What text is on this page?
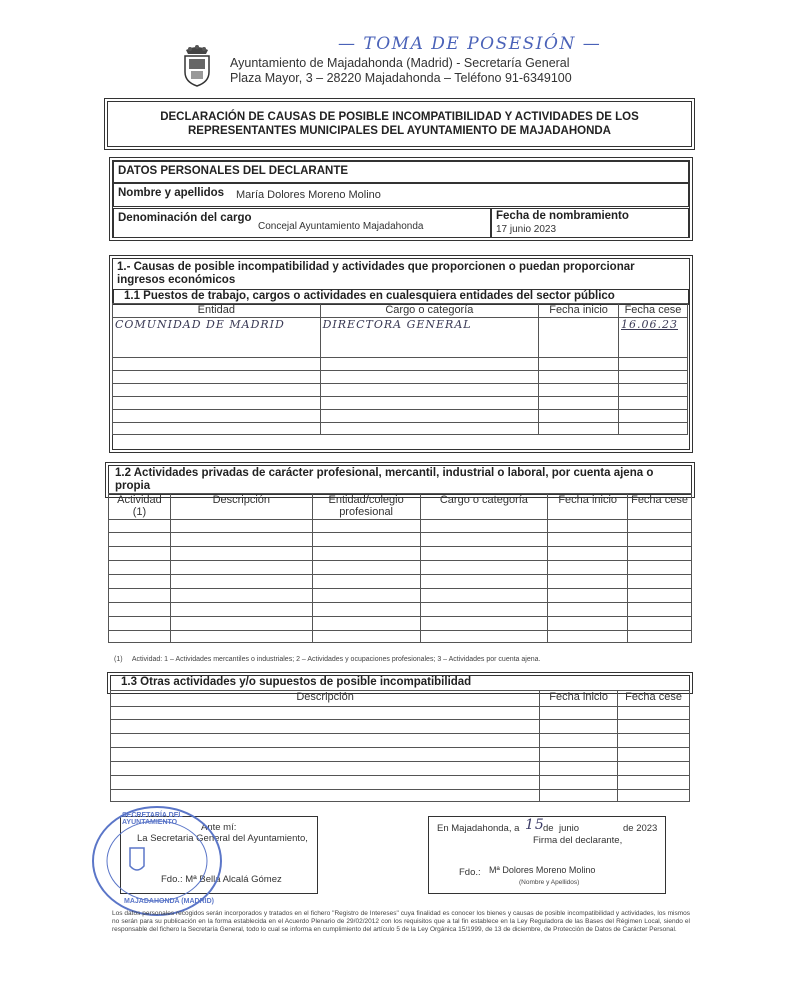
— TOMA DE POSESIÓN —
Ayuntamiento de Majadahonda (Madrid) - Secretaría General
Plaza Mayor, 3 – 28220 Majadahonda – Teléfono 91-6349100
DECLARACIÓN DE CAUSAS DE POSIBLE INCOMPATIBILIDAD Y ACTIVIDADES DE LOS
REPRESENTANTES MUNICIPALES DEL AYUNTAMIENTO DE MAJADAHONDA
DATOS PERSONALES DEL DECLARANTE
Nombre y apellidos María Dolores Moreno Molino
Denominación del cargo
Concejal Ayuntamiento Majadahonda
Fecha de nombramiento
17 junio 2023
1.- Causas de posible incompatibilidad y actividades que proporcionen o puedan proporcionar ingresos económicos
1.1 Puestos de trabajo, cargos o actividades en cualesquiera entidades del sector público
Entidad	Cargo o categoría	Fecha inicio	Fecha cese
COMUNIDAD DE MADRID	DIRECTORA GENERAL		16.06.23

1.2 Actividades privadas de carácter profesional, mercantil, industrial o laboral, por cuenta ajena o propia
Actividad (1)	Descripción	Entidad/colegio profesional	Cargo o categoría	Fecha inicio	Fecha cese

(1)     Actividad: 1 – Actividades mercantiles o industriales; 2 – Actividades y ocupaciones profesionales; 3 – Actividades por cuenta ajena.
1.3 Otras actividades y/o supuestos de posible incompatibilidad
Descripción	Fecha inicio	Fecha cese

Ante mí:
La Secretaria General del Ayuntamiento,
Fdo.: Mª Bella Alcalá Gómez
SECRETARÍA DEL AYUNTAMIENTO
MAJADAHONDA (MADRID)
En Majadahonda, a 15
de junio	de 2023
Firma del declarante,
Fdo.: Mª Dolores Moreno Molino
(Nombre y Apellidos)
Los datos personales recogidos serán incorporados y tratados en el fichero "Registro de Intereses" cuya finalidad es conocer los bienes y causas de posible incompatibilidad y actividades, los mismos no serán para su publicación en la forma establecida en el Acuerdo Plenario de 29/02/2012 con los requisitos que a tal fin establece en la Ley Reguladora de las Bases del Régimen Local, siendo el responsable del fichero la Secretaría General, todo lo cual se informa en cumplimiento del artículo 5 de la Ley Orgánica 15/1999, de 13 de diciembre, de Protección de Datos de Carácter Personal.
